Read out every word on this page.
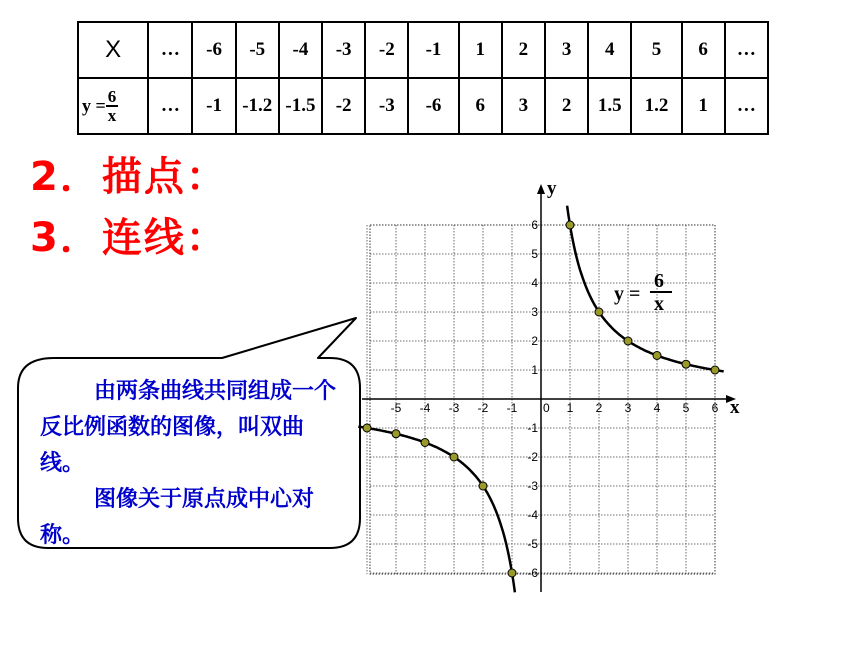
X	…	-6	-5	-4	-3	-2	-1	1	2	3	4	5	6	…
$y = \frac{6}{x}$	…	-1	-1.2	-1.5	-2	-3	-6	6	3	2	1.5	1.2	1	…
2．描点：
3．连线：
x
y
0
-5 -4 -3 -2 -1	1 2 3 4 5 6
6
5
4
3
2
1
-1
-2
-3
-4
-5
-6
y =
6
x

由两条曲线共同组成一个反比例函数的图像，叫双曲线。

图像关于原点成中心对称。
